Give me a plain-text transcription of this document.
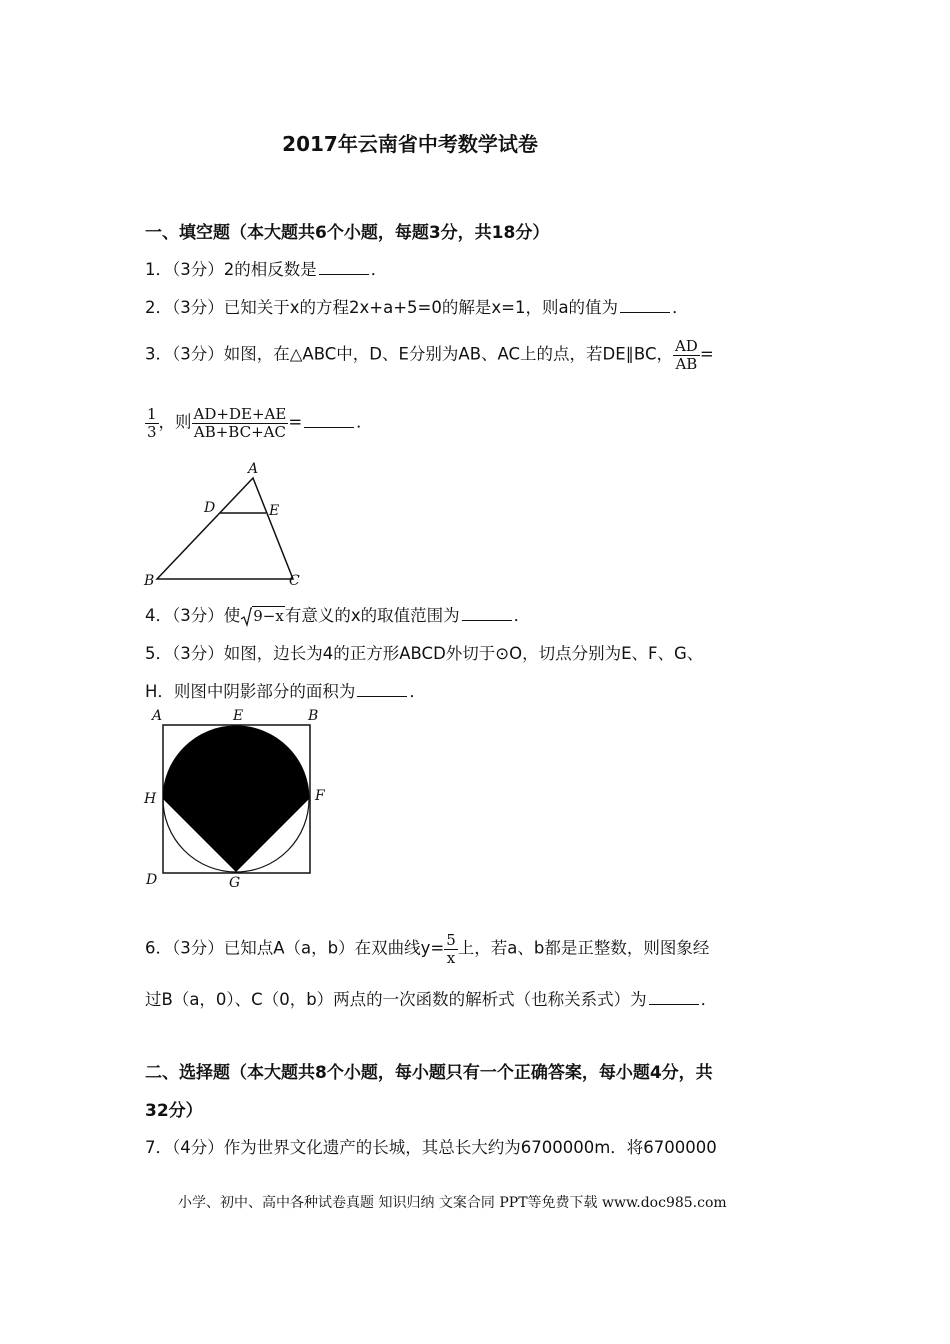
2017年云南省中考数学试卷
一、填空题（本大题共6个小题，每题3分，共18分）
1．（3分）2的相反数是	．
2．（3分）已知关于x的方程2x+a+5=0的解是x=1，则a的值为	．
3．（3分）如图，在△ABC中，D、E分别为AB、AC上的点，若DE∥BC， $\frac{AD}{AB}$ =
$\frac{1}{3}$ ，则 $\frac{AD+DE+AE}{AB+BC+AC}$ =	．
A
D	E
B	C
4．（3分）使 9−x有意义的x的取值范围为	．
5．（3分）如图，边长为4的正方形ABCD外切于⊙O，切点分别为E、F、G、
H．则图中阴影部分的面积为	．
A	E	B
H	F
D	G
6．（3分）已知点A（a，b）在双曲线$y= \frac{5}{x}$ 上，若a、b都是正整数，则图象经
过B（a，0）、C（0，b）两点的一次函数的解析式（也称关系式）为	．
二、选择题（本大题共8个小题，每小题只有一个正确答案，每小题4分，共
32分）
7．（4分）作为世界文化遗产的长城，其总长大约为6700000m．将6700000
小学、初中、高中各种试卷真题 知识归纳 文案合同 PPT等免费下载 www.doc985.com
